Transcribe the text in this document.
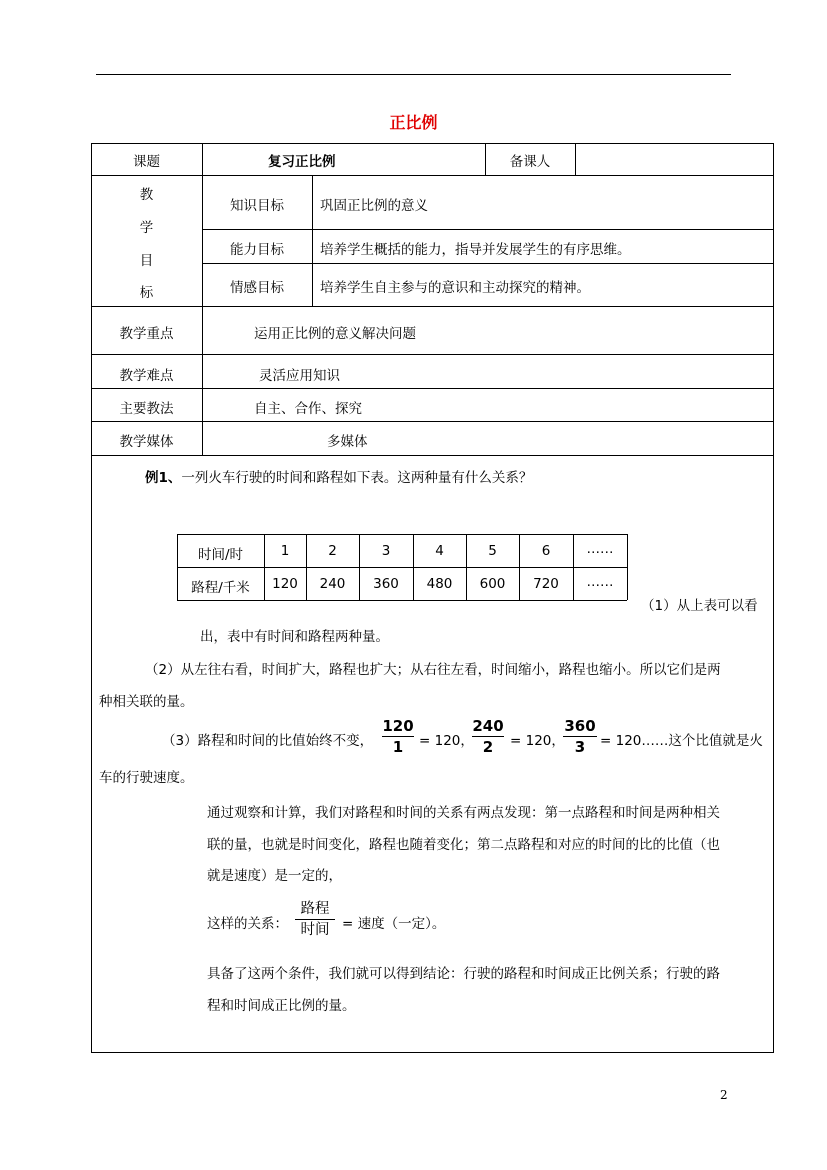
正比例
课题	复习正比例	备课人
教
学
目
标
知识目标	巩固正比例的意义
能力目标	培养学生概括的能力，指导并发展学生的有序思维。
情感目标	培养学生自主参与的意识和主动探究的精神。
教学重点	运用正比例的意义解决问题
教学难点	灵活应用知识
主要教法	自主、合作、探究
教学媒体	多媒体
例1、一列火车行驶的时间和路程如下表。这两种量有什么关系？
时间/时	1	2	3	4	5	6	……
路程/千米	120	240	360	480	600	720	……
（1）从上表可以看
出，表中有时间和路程两种量。
（2）从左往右看，时间扩大，路程也扩大；从右往左看，时间缩小，路程也缩小。所以它们是两
种相关联的量。
（3）路程和时间的比值始终不变，
120
1	= 120，
240
2	= 120，
360
3	= 120……这个比值就是火
车的行驶速度。
通过观察和计算，我们对路程和时间的关系有两点发现：第一点路程和时间是两种相关
联的量，也就是时间变化，路程也随着变化；第二点路程和对应的时间的比的比值（也
就是速度）是一定的，
这样的关系：
路程
时间 = 速度（一定）。
具备了这两个条件，我们就可以得到结论：行驶的路程和时间成正比例关系；行驶的路
程和时间成正比例的量。
2
